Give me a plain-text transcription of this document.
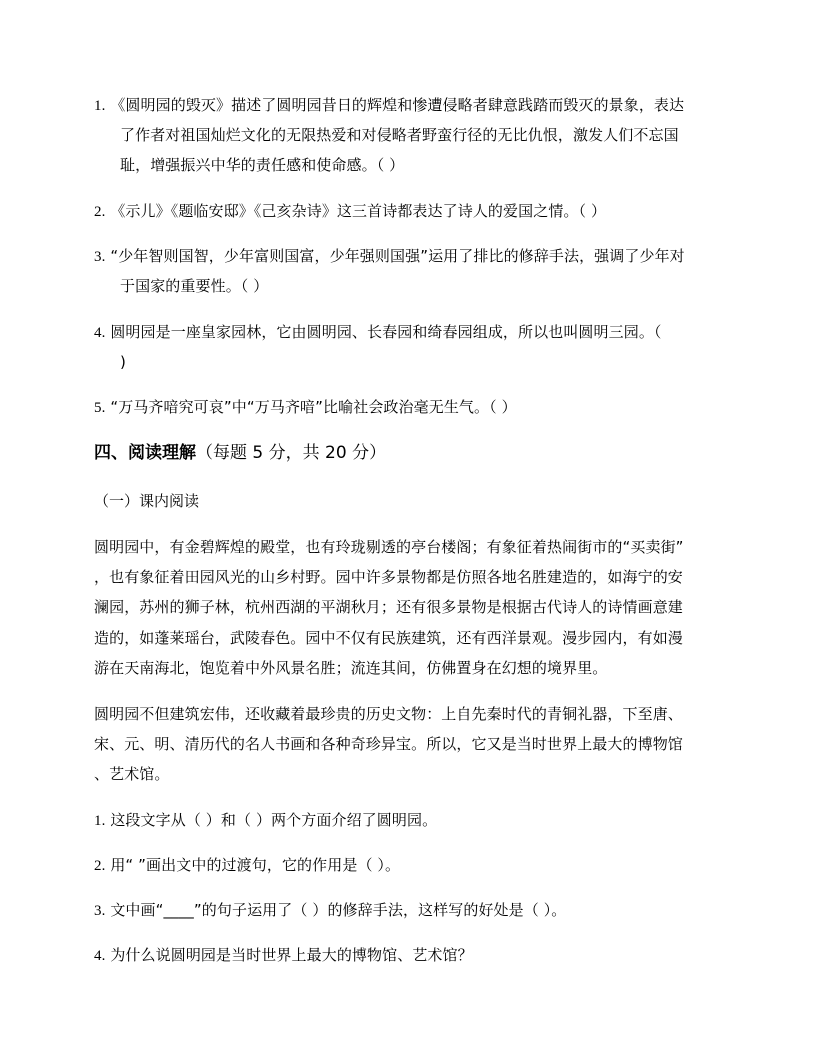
1. 《圆明园的毁灭》描述了圆明园昔日的辉煌和惨遭侵略者肆意践踏而毁灭的景象，表达
了作者对祖国灿烂文化的无限热爱和对侵略者野蛮行径的无比仇恨，激发人们不忘国
耻，增强振兴中华的责任感和使命感。（ ）
2. 《示儿》《题临安邸》《己亥杂诗》这三首诗都表达了诗人的爱国之情。（ ）
3. “少年智则国智，少年富则国富，少年强则国强”运用了排比的修辞手法，强调了少年对
于国家的重要性。（ ）
4. 圆明园是一座皇家园林，它由圆明园、长春园和绮春园组成，所以也叫圆明三园。（
)
5. “万马齐喑究可哀”中“万马齐喑”比喻社会政治毫无生气。（ ）
四、阅读理解（每题 5 分，共 20 分）
（一）课内阅读
圆明园中，有金碧辉煌的殿堂，也有玲珑剔透的亭台楼阁；有象征着热闹街市的“买卖街”
，也有象征着田园风光的山乡村野。园中许多景物都是仿照各地名胜建造的，如海宁的安
澜园，苏州的狮子林，杭州西湖的平湖秋月；还有很多景物是根据古代诗人的诗情画意建
造的，如蓬莱瑶台，武陵春色。园中不仅有民族建筑，还有西洋景观。漫步园内，有如漫
游在天南海北，饱览着中外风景名胜；流连其间，仿佛置身在幻想的境界里。
圆明园不但建筑宏伟，还收藏着最珍贵的历史文物：上自先秦时代的青铜礼器，下至唐、
宋、元、明、清历代的名人书画和各种奇珍异宝。所以，它又是当时世界上最大的博物馆
、艺术馆。
1. 这段文字从（ ）和（ ）两个方面介绍了圆明园。
2. 用“ ”画出文中的过渡句，它的作用是（ ）。
3. 文中画“____”的句子运用了（ ）的修辞手法，这样写的好处是（ ）。
4. 为什么说圆明园是当时世界上最大的博物馆、艺术馆？
